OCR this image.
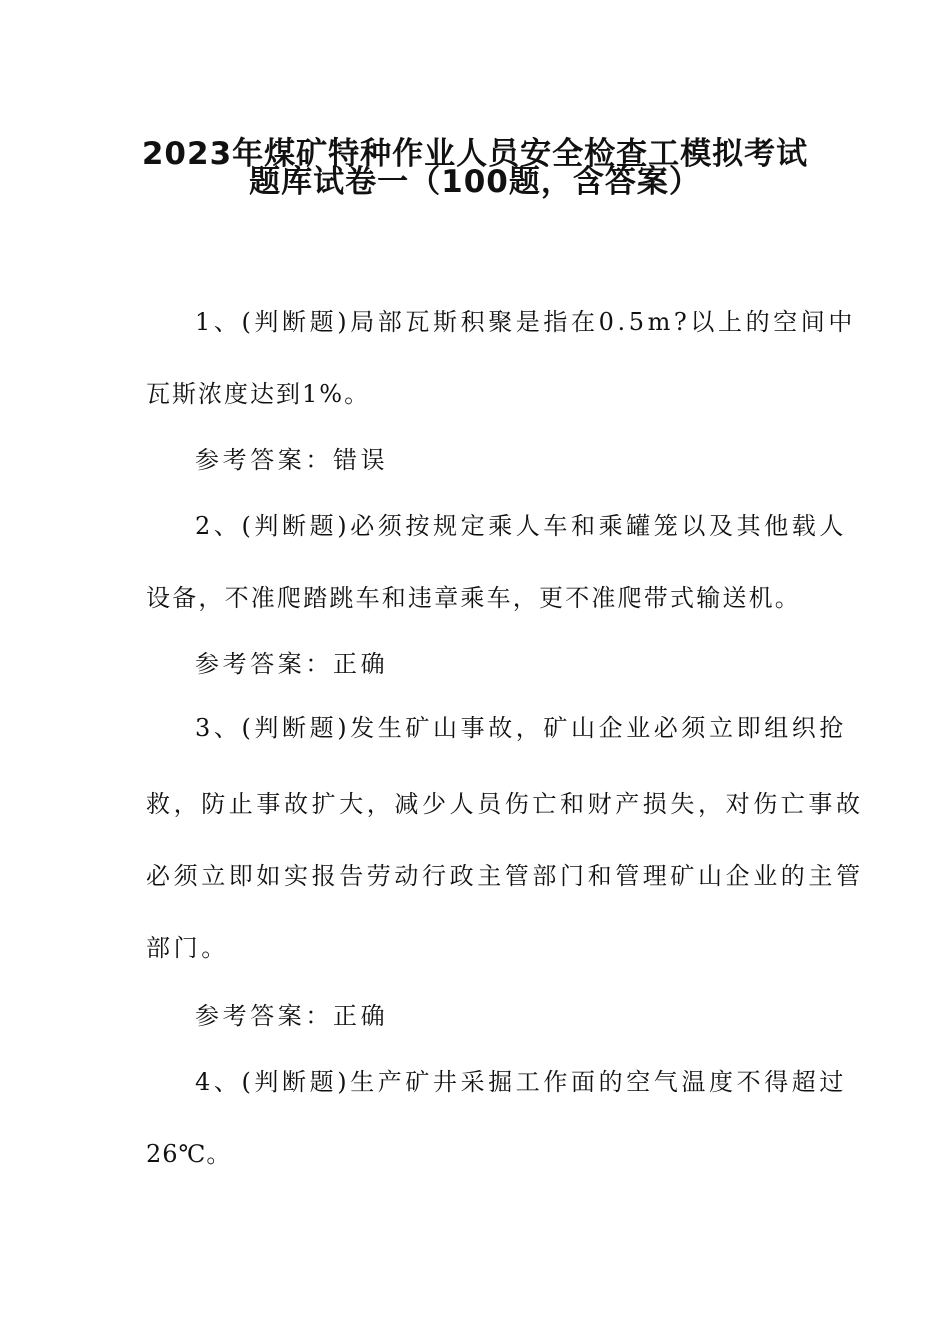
2023年煤矿特种作业人员安全检查工模拟考试
题库试卷一（100题，含答案）
1、(判断题)局部瓦斯积聚是指在0.5m?以上的空间中
瓦斯浓度达到1%。
参考答案：错误
2、(判断题)必须按规定乘人车和乘罐笼以及其他载人
设备，不准爬踏跳车和违章乘车，更不准爬带式输送机。
参考答案：正确
3、(判断题)发生矿山事故，矿山企业必须立即组织抢
救，防止事故扩大，减少人员伤亡和财产损失，对伤亡事故
必须立即如实报告劳动行政主管部门和管理矿山企业的主管
部门。
参考答案：正确
4、(判断题)生产矿井采掘工作面的空气温度不得超过
26℃。
